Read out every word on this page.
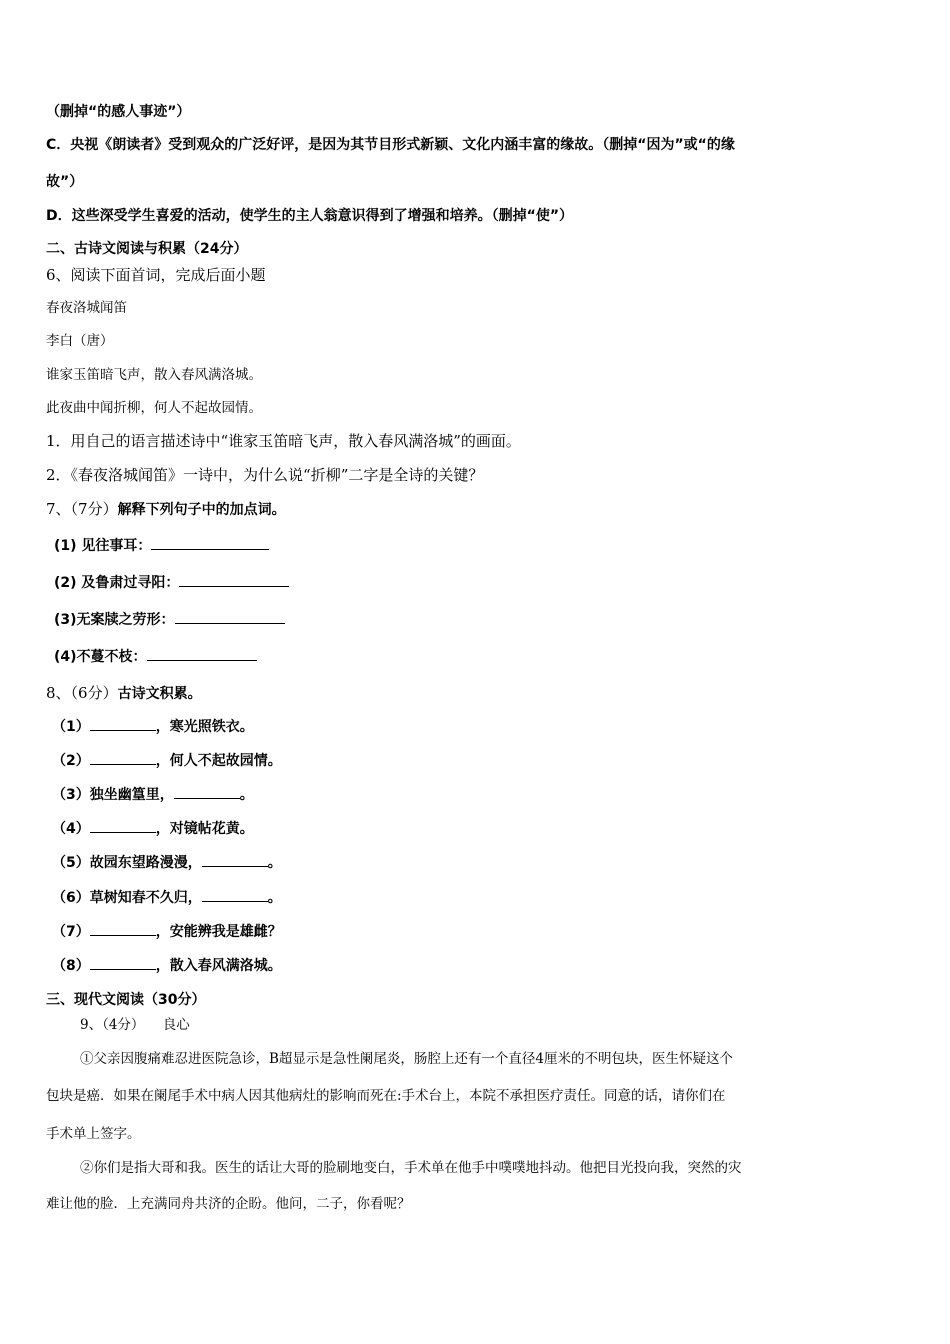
（删掉“的感人事迹”）
C．央视《朗读者》受到观众的广泛好评，是因为其节目形式新颖、文化内涵丰富的缘故。（删掉“因为”或“的缘
故”）
D．这些深受学生喜爱的活动，使学生的主人翁意识得到了增强和培养。（删掉“使”）
二、古诗文阅读与积累（24分）
6、阅读下面首词，完成后面小题
春夜洛城闻笛
李白（唐）
谁家玉笛暗飞声，散入春风满洛城。
此夜曲中闻折柳，何人不起故园情。
1．用自己的语言描述诗中“谁家玉笛暗飞声，散入春风满洛城”的画面。
2．《春夜洛城闻笛》一诗中，为什么说“折柳”二字是全诗的关键？
7、（7分）解释下列句子中的加点词。
(1) 见往事耳：
(2) 及鲁肃过寻阳：
(3)无案牍之劳形：
(4)不蔓不枝：
8、（6分）古诗文积累。
（1）	，寒光照铁衣。
（2）	，何人不起故园情。
（3）独坐幽篁里，	。
（4）	，对镜帖花黄。
（5）故园东望路漫漫，	。
（6）草树知春不久归，	。
（7）	，安能辨我是雄雌？
（8）	，散入春风满洛城。
三、现代文阅读（30分）
9、（4分） 良心
①父亲因腹痛难忍进医院急诊，B超显示是急性阑尾炎，肠腔上还有一个直径4厘米的不明包块，医生怀疑这个
包块是癌．如果在阑尾手术中病人因其他病灶的影响而死在:手术台上，本院不承担医疗责任。同意的话，请你们在
手术单上签字。
②你们是指大哥和我。医生的话让大哥的脸刷地变白，手术单在他手中噗噗地抖动。他把目光投向我，突然的灾
难让他的脸．上充满同舟共济的企盼。他问，二子，你看呢？
